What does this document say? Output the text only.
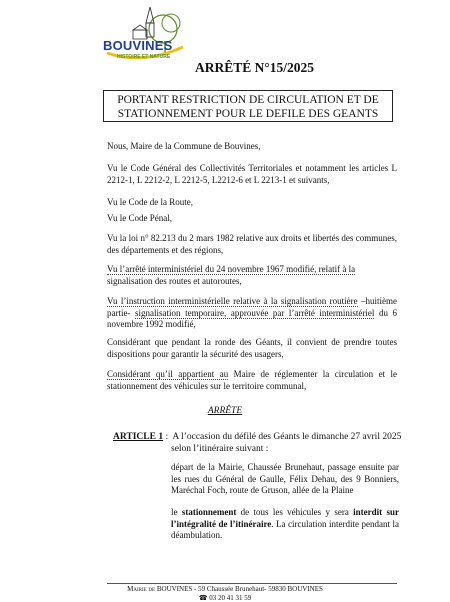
BOUVINES
HISTOIRE ET NATURE
ARRÊTÉ N°15/2025
PORTANT RESTRICTION DE CIRCULATION ET DE
STATIONNEMENT POUR LE DEFILE DES GEANTS
Nous, Maire de la Commune de Bouvines,
Vu le Code Général des Collectivités Territoriales et notamment les articles L 2212-1, L 2212-2, L 2212-5, L2212-6 et L 2213-1 et suivants,
Vu le Code de la Route,
Vu le Code Pénal,
Vu la loi n° 82.213 du 2 mars 1982 relative aux droits et libertés des communes, des départements et des régions,
Vu l’arrêté interministériel du 24 novembre 1967 modifié, relatif à la
signalisation des routes et autoroutes,
Vu l’instruction interministérielle relative à la signalisation routière –huitième partie- signalisation temporaire, approuvée par l’arrêté interministériel du 6 novembre 1992 modifié,
Considérant que pendant la ronde des Géants, il convient de prendre toutes dispositions pour garantir la sécurité des usagers,
Considérant qu’il appartient au Maire de réglementer la circulation et le stationnement des véhicules sur le territoire communal,
ARRÊTE
ARTICLE 1 :  A l’occasion du défilé des Géants le dimanche 27 avril 2025
selon l’itinéraire suivant :
départ de la Mairie, Chaussée Brunehaut, passage ensuite par les rues du Général de Gaulle, Félix Dehau, des 9 Bonniers, Maréchal Foch, route de Gruson, allée de la Plaine
le stationnement de tous les véhicules y sera interdit sur l’intégralité de l’itinéraire. La circulation interdite pendant la déambulation.
Mairie de BOUVINES - 59 Chaussée Brunehaut- 59830 BOUVINES
☎ 03 20 41 31 59
